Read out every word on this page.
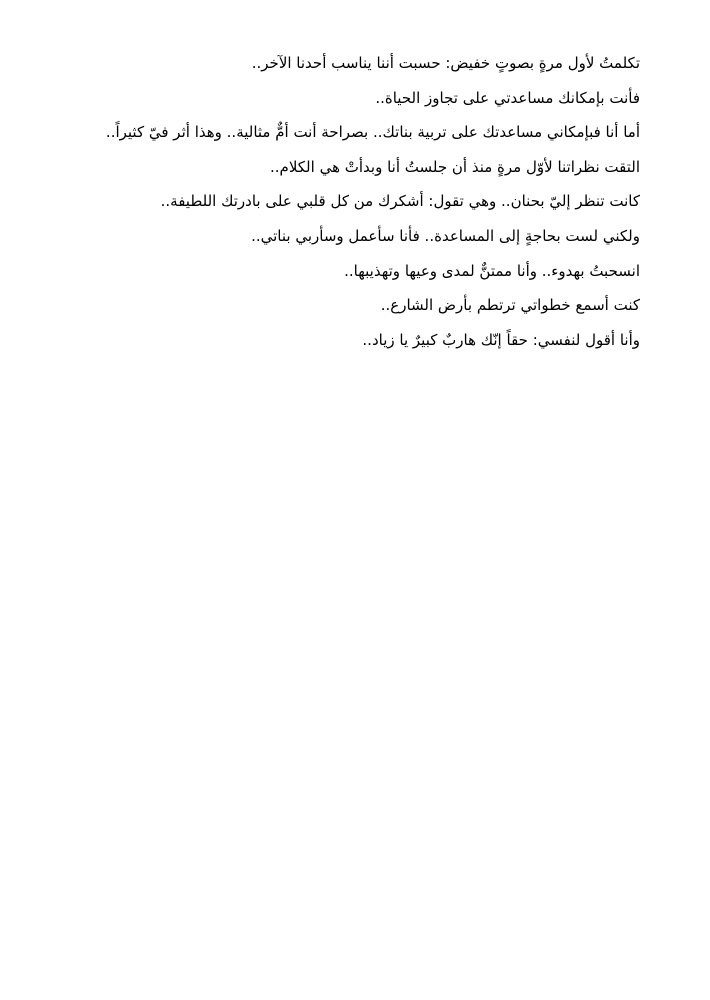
تكلمتُ لأول مرةٍ بصوتٍ خفيض: حسبت أننا يناسب أحدنا الآخر..
فأنت بإمكانك مساعدتي على تجاوز الحياة..
أما أنا فبإمكاني مساعدتك على تربية بناتك.. بصراحة أنت أمٌّ مثالية.. وهذا أثر فيّ كثيراً..
التقت نظراتنا لأوّل مرةٍ منذ أن جلستُ أنا وبدأتْ هي الكلام..
كانت تنظر إليّ بحنان.. وهي تقول: أشكرك من كل قلبي على بادرتك اللطيفة..
ولكني لست بحاجةٍ إلى المساعدة.. فأنا سأعمل وسأربي بناتي..
انسحبتُ بهدوء.. وأنا ممتنٌّ لمدى وعيها وتهذيبها..
كنت أسمع خطواتي ترتطم بأرض الشارع..
وأنا أقول لنفسي: حقاً إنّك هاربٌ كبيرٌ يا زياد..
